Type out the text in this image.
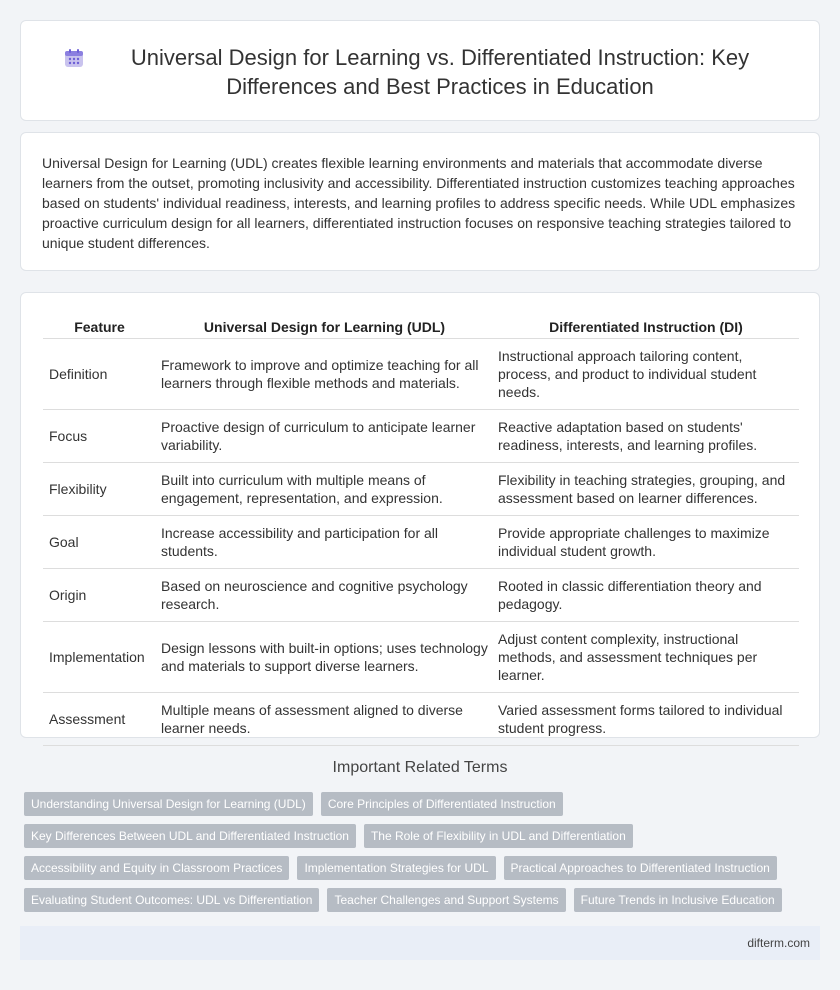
Universal Design for Learning vs. Differentiated Instruction: Key
Differences and Best Practices in Education

Universal Design for Learning (UDL) creates flexible learning environments and materials that accommodate diverse learners from the outset, promoting inclusivity and accessibility. Differentiated instruction customizes teaching approaches based on students' individual readiness, interests, and learning profiles to address specific needs. While UDL emphasizes proactive curriculum design for all learners, differentiated instruction focuses on responsive teaching strategies tailored to unique student differences.

Feature	Universal Design for Learning (UDL)	Differentiated Instruction (DI)
Definition	Framework to improve and optimize teaching for all learners through flexible methods and materials.	Instructional approach tailoring content, process, and product to individual student needs.
Focus	Proactive design of curriculum to anticipate learner variability.	Reactive adaptation based on students' readiness, interests, and learning profiles.
Flexibility	Built into curriculum with multiple means of engagement, representation, and expression.	Flexibility in teaching strategies, grouping, and assessment based on learner differences.
Goal	Increase accessibility and participation for all students.	Provide appropriate challenges to maximize individual student growth.
Origin	Based on neuroscience and cognitive psychology research.	Rooted in classic differentiation theory and pedagogy.
Implementation	Design lessons with built-in options; uses technology and materials to support diverse learners.	Adjust content complexity, instructional methods, and assessment techniques per learner.
Assessment	Multiple means of assessment aligned to diverse learner needs.	Varied assessment forms tailored to individual student progress.
Important Related Terms
Understanding Universal Design for Learning (UDL)	Core Principles of Differentiated Instruction
Key Differences Between UDL and Differentiated Instruction	The Role of Flexibility in UDL and Differentiation
Accessibility and Equity in Classroom Practices	Implementation Strategies for UDL	Practical Approaches to Differentiated Instruction
Evaluating Student Outcomes: UDL vs Differentiation	Teacher Challenges and Support Systems	Future Trends in Inclusive Education
difterm.com
